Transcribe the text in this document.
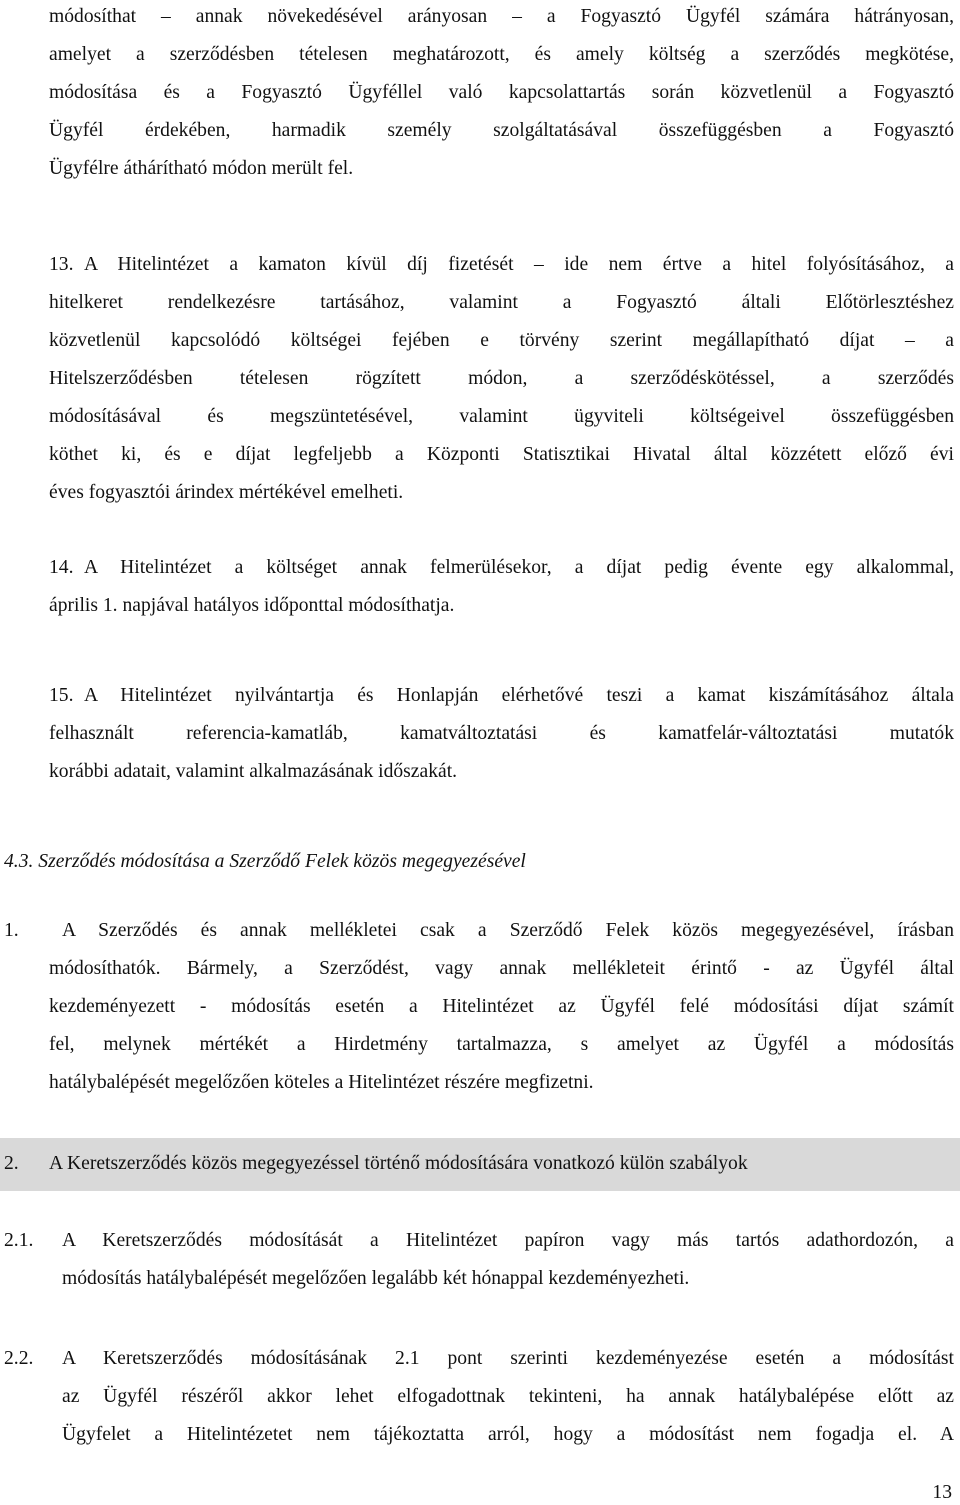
módosíthat – annak növekedésével arányosan – a Fogyasztó Ügyfél számára hátrányosan,
amelyet a szerződésben tételesen meghatározott, és amely költség a szerződés megkötése,
módosítása és a Fogyasztó Ügyféllel való kapcsolattartás során közvetlenül a Fogyasztó
Ügyfél érdekében, harmadik személy szolgáltatásával összefüggésben a Fogyasztó
Ügyfélre áthárítható módon merült fel.
13. A Hitelintézet a kamaton kívül díj fizetését – ide nem értve a hitel folyósításához, a
hitelkeret rendelkezésre tartásához, valamint a Fogyasztó általi Előtörlesztéshez
közvetlenül kapcsolódó költségei fejében e törvény szerint megállapítható díjat – a
Hitelszerződésben tételesen rögzített módon, a szerződéskötéssel, a szerződés
módosításával és megszüntetésével, valamint ügyviteli költségeivel összefüggésben
köthet ki, és e díjat legfeljebb a Központi Statisztikai Hivatal által közzétett előző évi
éves fogyasztói árindex mértékével emelheti.
14. A Hitelintézet a költséget annak felmerülésekor, a díjat pedig évente egy alkalommal,
április 1. napjával hatályos időponttal módosíthatja.
15. A Hitelintézet nyilvántartja és Honlapján elérhetővé teszi a kamat kiszámításához általa
felhasznált referencia-kamatláb, kamatváltoztatási és kamatfelár-változtatási mutatók
korábbi adatait, valamint alkalmazásának időszakát.
4.3. Szerződés módosítása a Szerződő Felek közös megegyezésével
1. A Szerződés és annak mellékletei csak a Szerződő Felek közös megegyezésével, írásban
módosíthatók. Bármely, a Szerződést, vagy annak mellékleteit érintő - az Ügyfél által
kezdeményezett - módosítás esetén a Hitelintézet az Ügyfél felé módosítási díjat számít
fel, melynek mértékét a Hirdetmény tartalmazza, s amelyet az Ügyfél a módosítás
hatálybalépését megelőzően köteles a Hitelintézet részére megfizetni.
2. A Keretszerződés közös megegyezéssel történő módosítására vonatkozó külön szabályok
2.1. A Keretszerződés módosítását a Hitelintézet papíron vagy más tartós adathordozón, a
módosítás hatálybalépését megelőzően legalább két hónappal kezdeményezheti.
2.2. A Keretszerződés módosításának 2.1 pont szerinti kezdeményezése esetén a módosítást
az Ügyfél részéről akkor lehet elfogadottnak tekinteni, ha annak hatálybalépése előtt az
Ügyfelet a Hitelintézetet nem tájékoztatta arról, hogy a módosítást nem fogadja el. A
13
